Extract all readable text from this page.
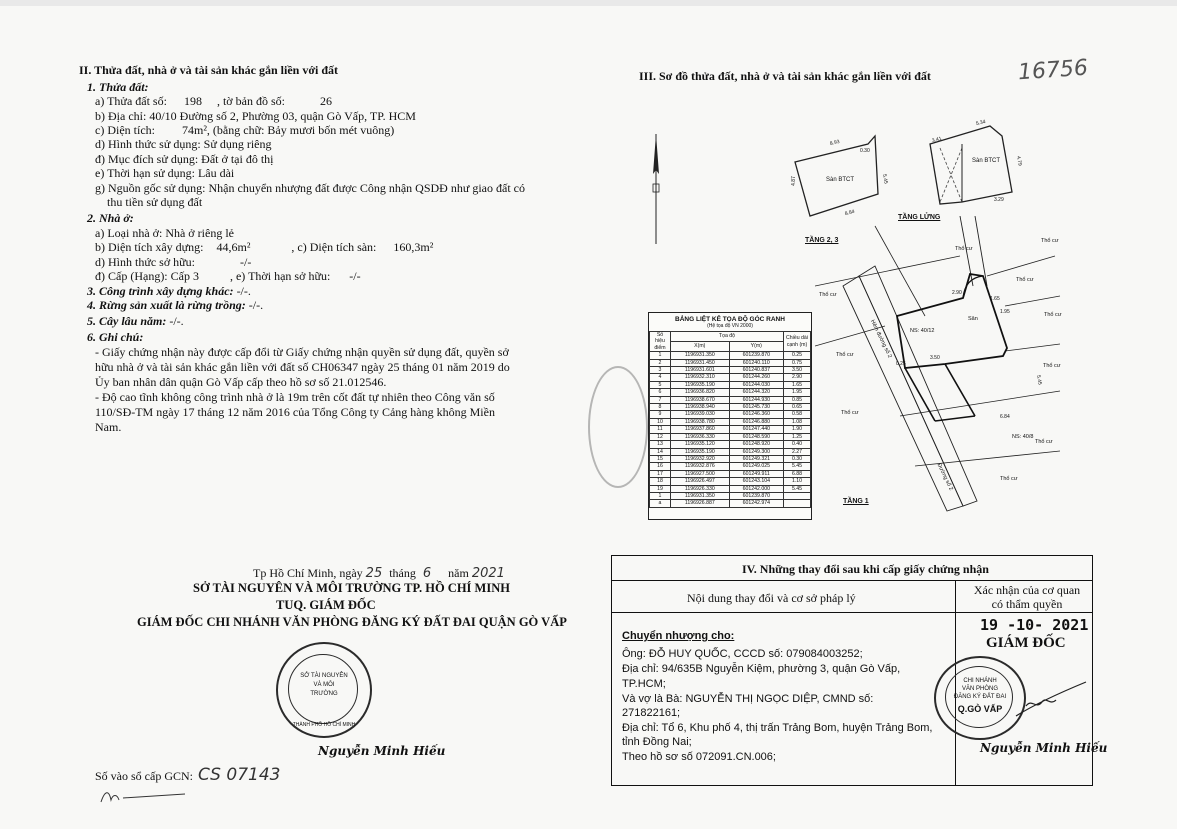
16756
II. Thửa đất, nhà ở và tài sản khác gắn liền với đất
1. Thửa đất:
a) Thửa đất số: 198 , tờ bản đồ số:	26
b) Địa chỉ: 40/10 Đường số 2, Phường 03, quận Gò Vấp, TP. HCM
c) Diện tích: 74m², (bằng chữ: Bảy mươi bốn mét vuông)
d) Hình thức sử dụng: Sử dụng riêng
đ) Mục đích sử dụng: Đất ở tại đô thị
e) Thời hạn sử dụng: Lâu dài
g) Nguồn gốc sử dụng: Nhận chuyển nhượng đất được Công nhận QSDĐ như giao đất có
thu tiền sử dụng đất
2. Nhà ở:
a) Loại nhà ở: Nhà ở riêng lẻ
b) Diện tích xây dựng: 44,6m²	, c) Diện tích sàn: 160,3m²
d) Hình thức sở hữu:	-/-
đ) Cấp (Hạng): Cấp 3	, e) Thời hạn sở hữu: -/-
3. Công trình xây dựng khác: -/-.
4. Rừng sản xuất là rừng trồng: -/-.
5. Cây lâu năm: -/-.
6. Ghi chú:
- Giấy chứng nhận này được cấp đổi từ Giấy chứng nhận quyền sử dụng đất, quyền sở
hữu nhà ở và tài sản khác gắn liền với đất số CH06347 ngày 25 tháng 01 năm 2019 do
Ủy ban nhân dân quận Gò Vấp cấp theo hồ sơ số 21.012546.
- Độ cao tĩnh không công trình nhà ở là 19m trên cốt đất tự nhiên theo Công văn số
110/SĐ-TM ngày 17 tháng 12 năm 2016 của Tổng Công ty Cảng hàng không Miền
Nam.
III. Sơ đồ thửa đất, nhà ở và tài sản khác gắn liền với đất
Sàn BTCT
Sàn BTCT
TẦNG 2, 3
TẦNG LỬNG
8.93
4.87
8.84
3.41
5.34
4.79
3.29
5.45
0.30
NS: 40/12
NS: 40/8
Sân
Thổ cư
Thổ cư
Thổ cư
Thổ cư
Thổ cư
Thổ cư
Thổ cư
Thổ cư
Thổ cư
Thổ cư
Hẻm đường số 2
Đường số 2
3.50
6.84
5.45
0.25
1.65
1.95
2.90
TẦNG 1
BẢNG LIỆT KÊ TỌA ĐỘ GÓC RANH
(Hệ tọa độ VN 2000)
Số hiệu điểm	Tọa độ		Chiều dài cạnh (m)
	X(m)	Y(m)	
1	1196931.350	601239.870	0.25
2	1196931.450	601240.110	0.75
3	1196931.601	601240.837	3.50
4	1196932.310	601244.260	2.90
5	1196935.190	601244.030	1.65
6	1196936.820	601244.320	1.95
7	1196938.670	601244.930	0.85
8	1196938.940	601245.730	0.65
9	1196939.030	601246.360	0.58
10	1196938.780	601246.880	1.08
11	1196937.860	601247.440	1.90
12	1196936.330	601248.590	1.25
13	1196935.120	601248.920	0.40
14	1196935.190	601249.300	2.27
15	1196932.920	601249.321	0.30
16	1196932.876	601249.025	5.45
17	1196927.500	601249.911	6.88
18	1196926.497	601243.104	1.10
19	1196926.330	601242.000	5.45
1	1196931.350	601239.870	
a	1196926.887	601242.974	
Tp Hồ Chí Minh, ngày 25 tháng 6 năm 2021
SỞ TÀI NGUYÊN VÀ MÔI TRƯỜNG TP. HỒ CHÍ MINH
TUQ. GIÁM ĐỐC
GIÁM ĐỐC CHI NHÁNH VĂN PHÒNG ĐĂNG KÝ ĐẤT ĐAI QUẬN GÒ VẤP
THÀNH PHỐ HỒ CHÍ MINH
SỞ TÀI NGUYÊN VÀ MÔI TRƯỜNG
Nguyễn Minh Hiếu
Số vào sổ cấp GCN: CS 07143
IV. Những thay đổi sau khi cấp giấy chứng nhận
Nội dung thay đổi và cơ sở pháp lý
Xác nhận của cơ quan
có thẩm quyền
Chuyển nhượng cho:
Ông: ĐỖ HUY QUỐC, CCCD số: 079084003252;
Địa chỉ: 94/635B Nguyễn Kiệm, phường 3, quận Gò Vấp,
TP.HCM;
Và vợ là Bà: NGUYỄN THỊ NGỌC DIỆP, CMND số:
271822161;
Địa chỉ: Tổ 6, Khu phố 4, thị trấn Trảng Bom, huyện Trảng Bom,
tỉnh Đồng Nai;
Theo hồ sơ số 072091.CN.006;
19 -10- 2021
GIÁM ĐỐC
CHI NHÁNH
VĂN PHÒNG
ĐĂNG KÝ ĐẤT ĐAI
Q.GÒ VẤP
Nguyễn Minh Hiếu
